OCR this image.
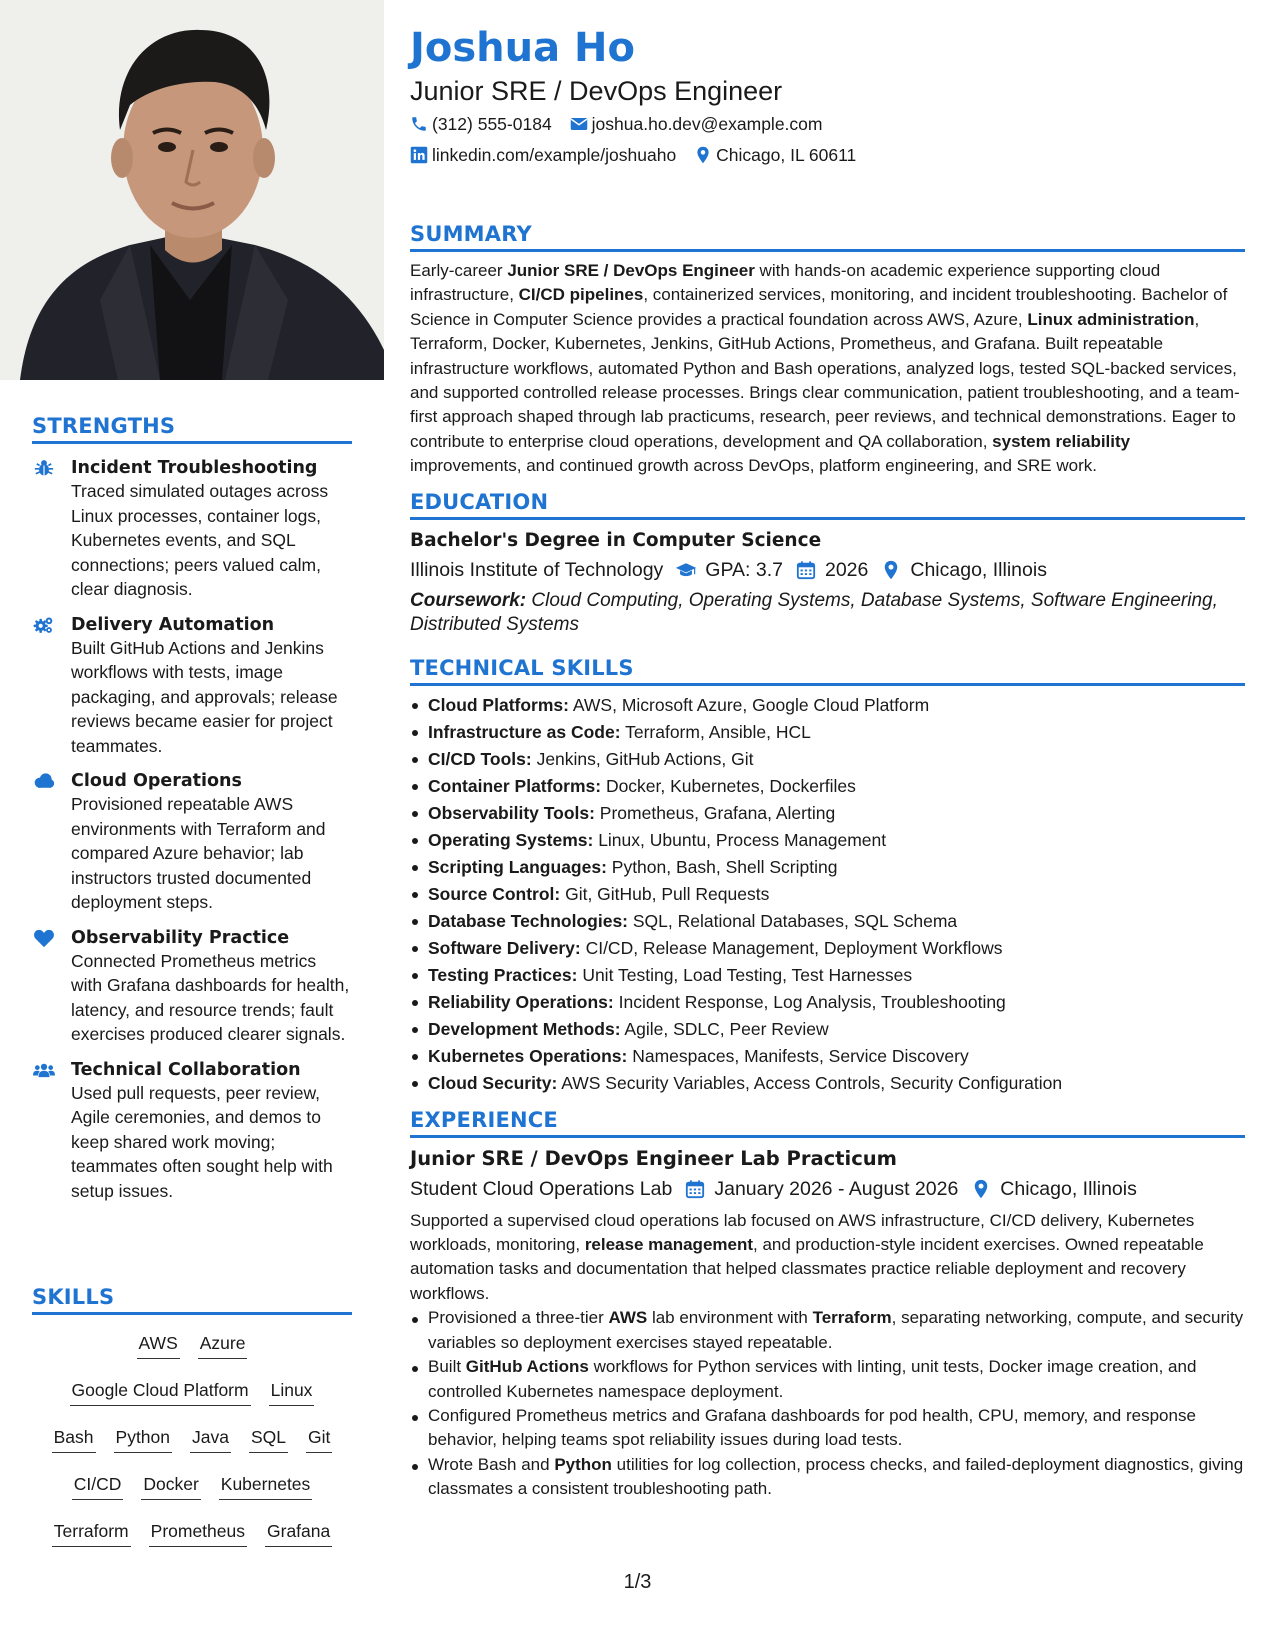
STRENGTHS
Incident Troubleshooting
Traced simulated outages across Linux processes, container logs, Kubernetes events, and SQL connections; peers valued calm, clear diagnosis.
Delivery Automation
Built GitHub Actions and Jenkins workflows with tests, image packaging, and approvals; release reviews became easier for project teammates.
Cloud Operations
Provisioned repeatable AWS environments with Terraform and compared Azure behavior; lab instructors trusted documented deployment steps.
Observability Practice
Connected Prometheus metrics with Grafana dashboards for health, latency, and resource trends; fault exercises produced clearer signals.
Technical Collaboration
Used pull requests, peer review, Agile ceremonies, and demos to keep shared work moving; teammates often sought help with setup issues.
SKILLS
AWS Azure
Google Cloud Platform Linux
Bash Python Java SQL Git
CI/CD Docker Kubernetes
Terraform Prometheus Grafana
Joshua Ho
Junior SRE / DevOps Engineer
(312) 555-0184 joshua.ho.dev@example.com
linkedin.com/example/joshuaho Chicago, IL 60611
SUMMARY

Early-career Junior SRE / DevOps Engineer with hands-on academic experience supporting cloud infrastructure, CI/CD pipelines, containerized services, monitoring, and incident troubleshooting. Bachelor of Science in Computer Science provides a practical foundation across AWS, Azure, Linux administration, Terraform, Docker, Kubernetes, Jenkins, GitHub Actions, Prometheus, and Grafana. Built repeatable infrastructure workflows, automated Python and Bash operations, analyzed logs, tested SQL-backed services, and supported controlled release processes. Brings clear communication, patient troubleshooting, and a team-first approach shaped through lab practicums, research, peer reviews, and technical demonstrations. Eager to contribute to enterprise cloud operations, development and QA collaboration, system reliability improvements, and continued growth across DevOps, platform engineering, and SRE work.

EDUCATION
Bachelor's Degree in Computer Science
Illinois Institute of Technology GPA: 3.7 2026 Chicago, Illinois

Coursework: Cloud Computing, Operating Systems, Database Systems, Software Engineering, Distributed Systems

TECHNICAL SKILLS
Cloud Platforms: AWS, Microsoft Azure, Google Cloud Platform
Infrastructure as Code: Terraform, Ansible, HCL
CI/CD Tools: Jenkins, GitHub Actions, Git
Container Platforms: Docker, Kubernetes, Dockerfiles
Observability Tools: Prometheus, Grafana, Alerting
Operating Systems: Linux, Ubuntu, Process Management
Scripting Languages: Python, Bash, Shell Scripting
Source Control: Git, GitHub, Pull Requests
Database Technologies: SQL, Relational Databases, SQL Schema
Software Delivery: CI/CD, Release Management, Deployment Workflows
Testing Practices: Unit Testing, Load Testing, Test Harnesses
Reliability Operations: Incident Response, Log Analysis, Troubleshooting
Development Methods: Agile, SDLC, Peer Review
Kubernetes Operations: Namespaces, Manifests, Service Discovery
Cloud Security: AWS Security Variables, Access Controls, Security Configuration
EXPERIENCE
Junior SRE / DevOps Engineer Lab Practicum
Student Cloud Operations Lab January 2026 - August 2026 Chicago, Illinois

Supported a supervised cloud operations lab focused on AWS infrastructure, CI/CD delivery, Kubernetes workloads, monitoring, release management, and production-style incident exercises. Owned repeatable automation tasks and documentation that helped classmates practice reliable deployment and recovery workflows.

Provisioned a three-tier AWS lab environment with Terraform, separating networking, compute, and security variables so deployment exercises stayed repeatable.
Built GitHub Actions workflows for Python services with linting, unit tests, Docker image creation, and controlled Kubernetes namespace deployment.
Configured Prometheus metrics and Grafana dashboards for pod health, CPU, memory, and response behavior, helping teams spot reliability issues during load tests.
Wrote Bash and Python utilities for log collection, process checks, and failed-deployment diagnostics, giving classmates a consistent troubleshooting path.
1/3
